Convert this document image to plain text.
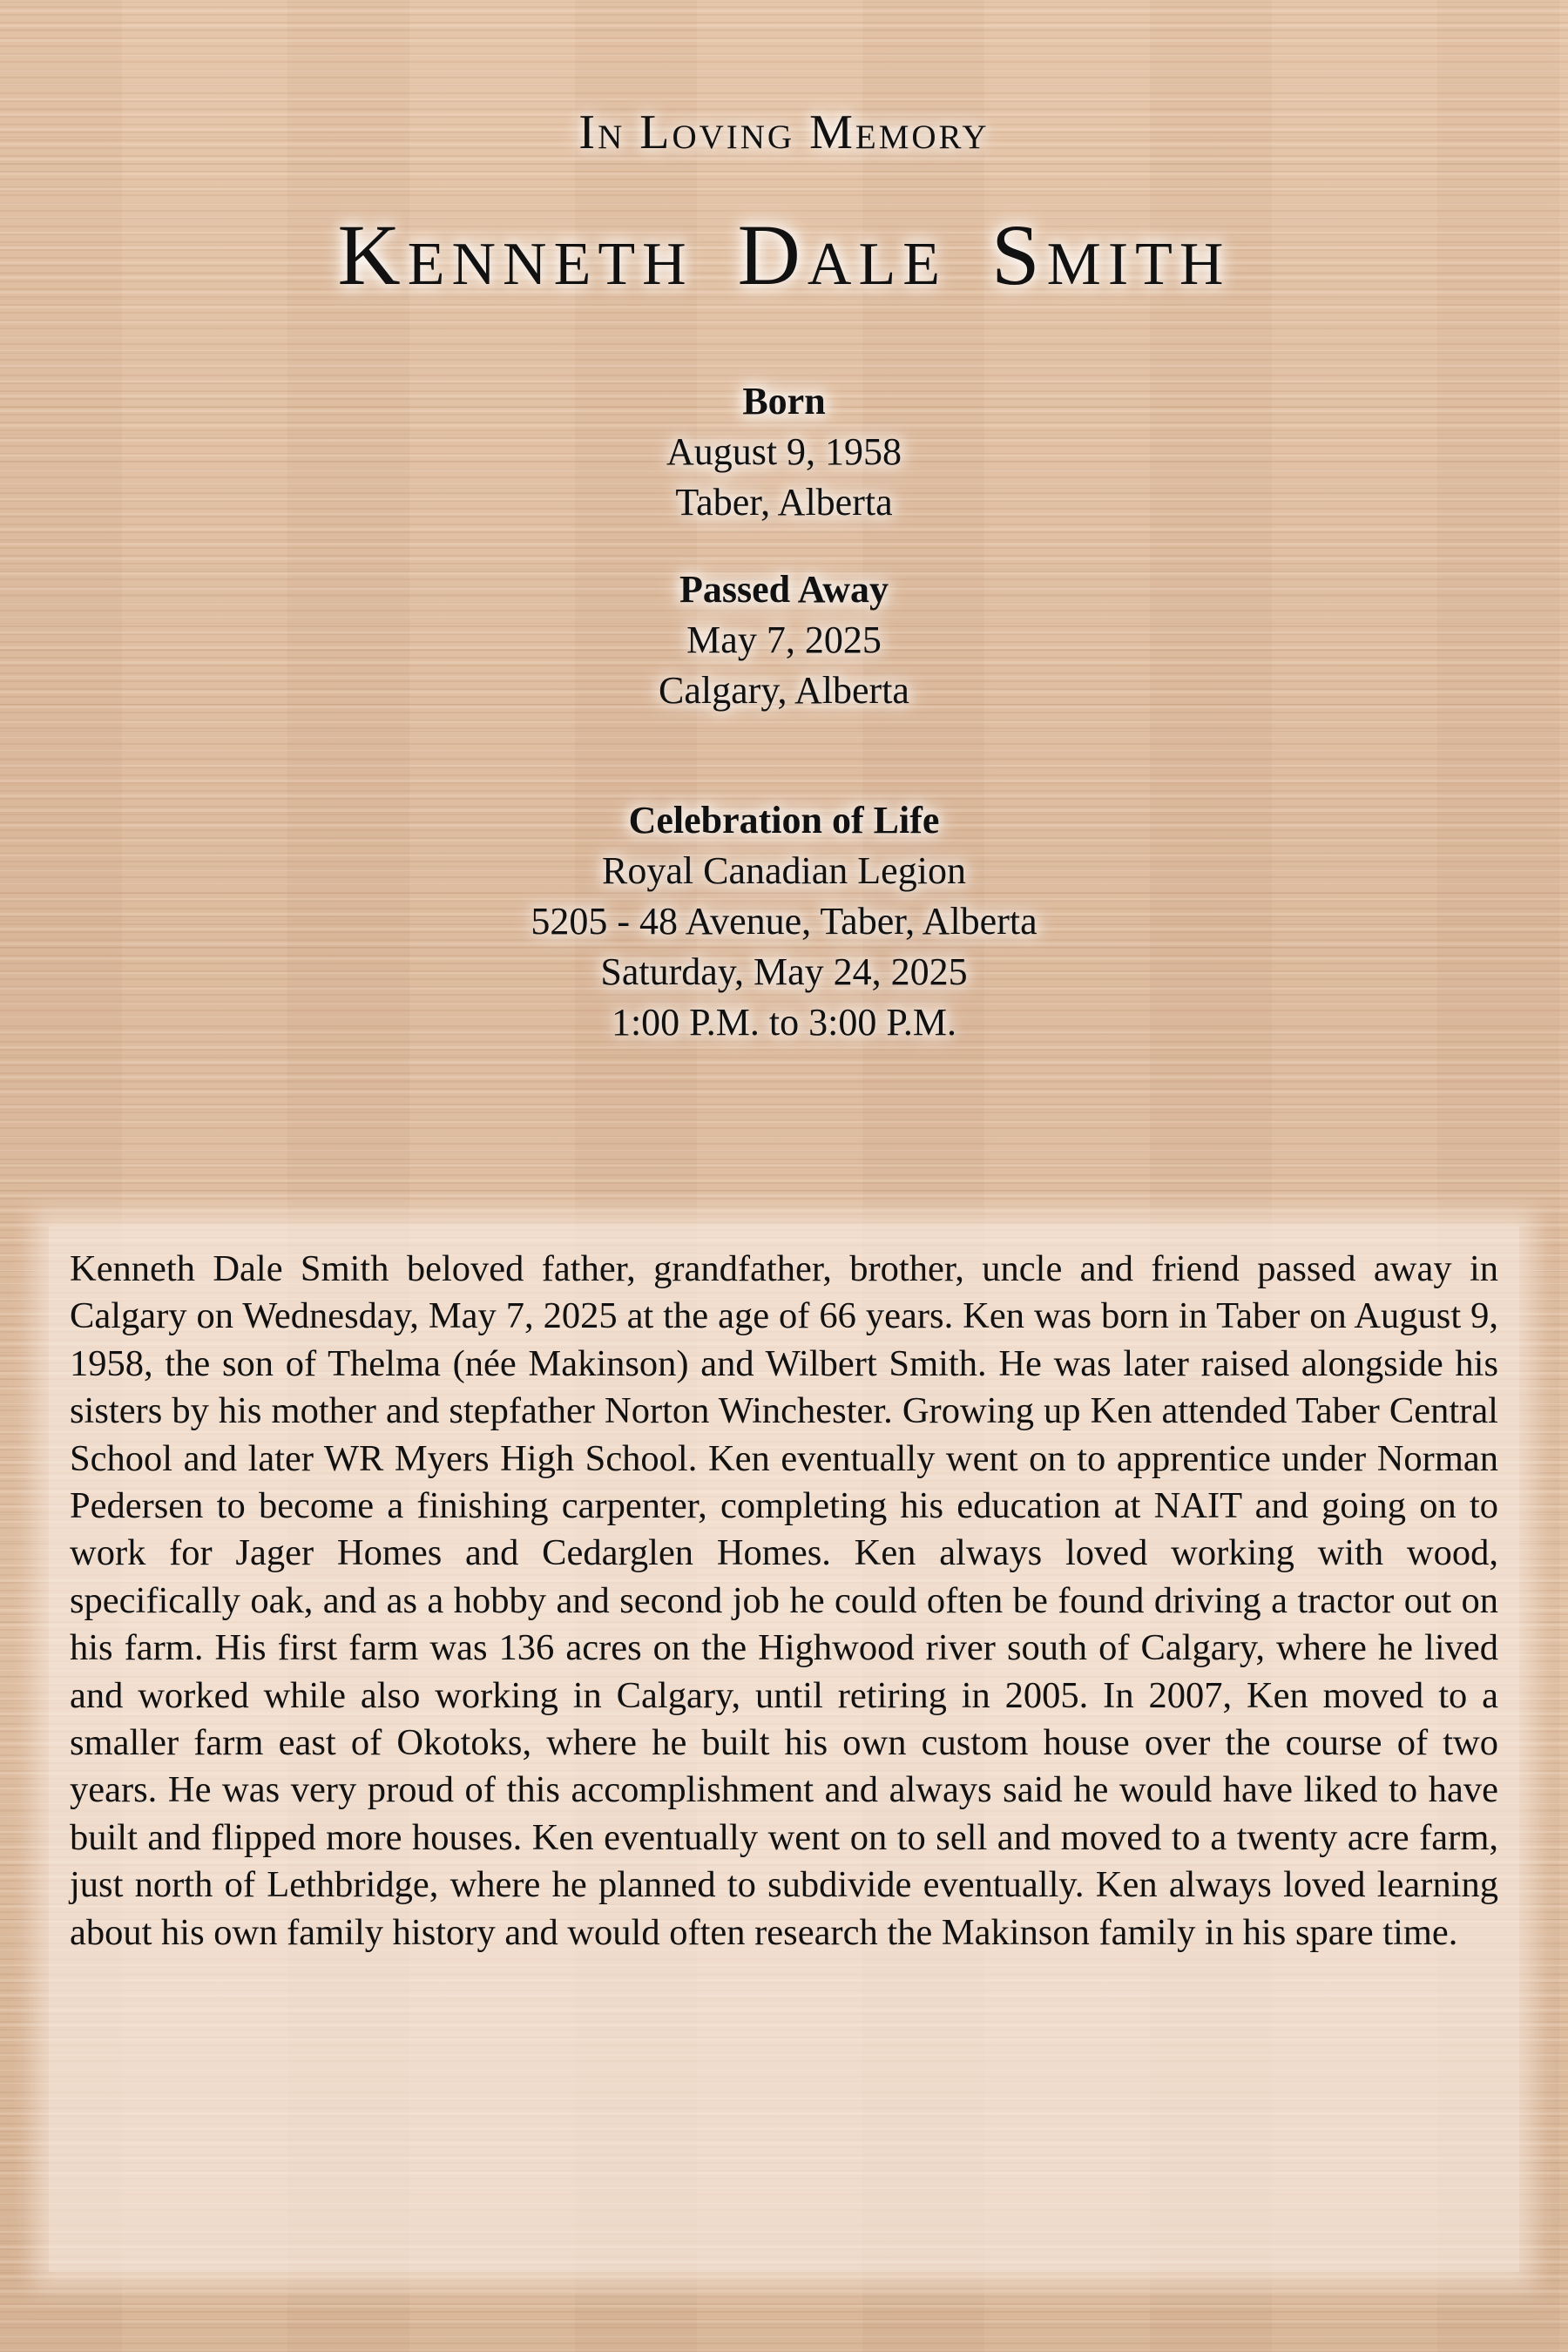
In Loving Memory
Kenneth Dale Smith
Born
August 9, 1958
Taber, Alberta
Passed Away
May 7, 2025
Calgary, Alberta
Celebration of Life
Royal Canadian Legion
5205 - 48 Avenue, Taber, Alberta
Saturday, May 24, 2025
1:00 P.M. to 3:00 P.M.
Kenneth Dale Smith beloved father, grandfather, brother, uncle and friend passed away in Calgary on Wednesday, May 7, 2025 at the age of 66 years. Ken was born in Taber on August 9, 1958, the son of Thelma (née Makinson) and Wilbert Smith. He was later raised alongside his sisters by his mother and stepfather Norton Winchester. Growing up Ken attended Taber Central School and later WR Myers High School. Ken eventually went on to apprentice under Norman Pedersen to become a finishing carpenter, completing his education at NAIT and going on to work for Jager Homes and Cedarglen Homes. Ken always loved working with wood, specifically oak, and as a hobby and second job he could often be found driving a tractor out on his farm. His first farm was 136 acres on the Highwood river south of Calgary, where he lived and worked while also working in Calgary, until retiring in 2005. In 2007, Ken moved to a smaller farm east of Okotoks, where he built his own custom house over the course of two years. He was very proud of this accomplishment and always said he would have liked to have built and flipped more houses. Ken eventually went on to sell and moved to a twenty acre farm, just north of Lethbridge, where he planned to subdivide eventually. Ken always loved learning about his own family history and would often research the Makinson family in his spare time.
